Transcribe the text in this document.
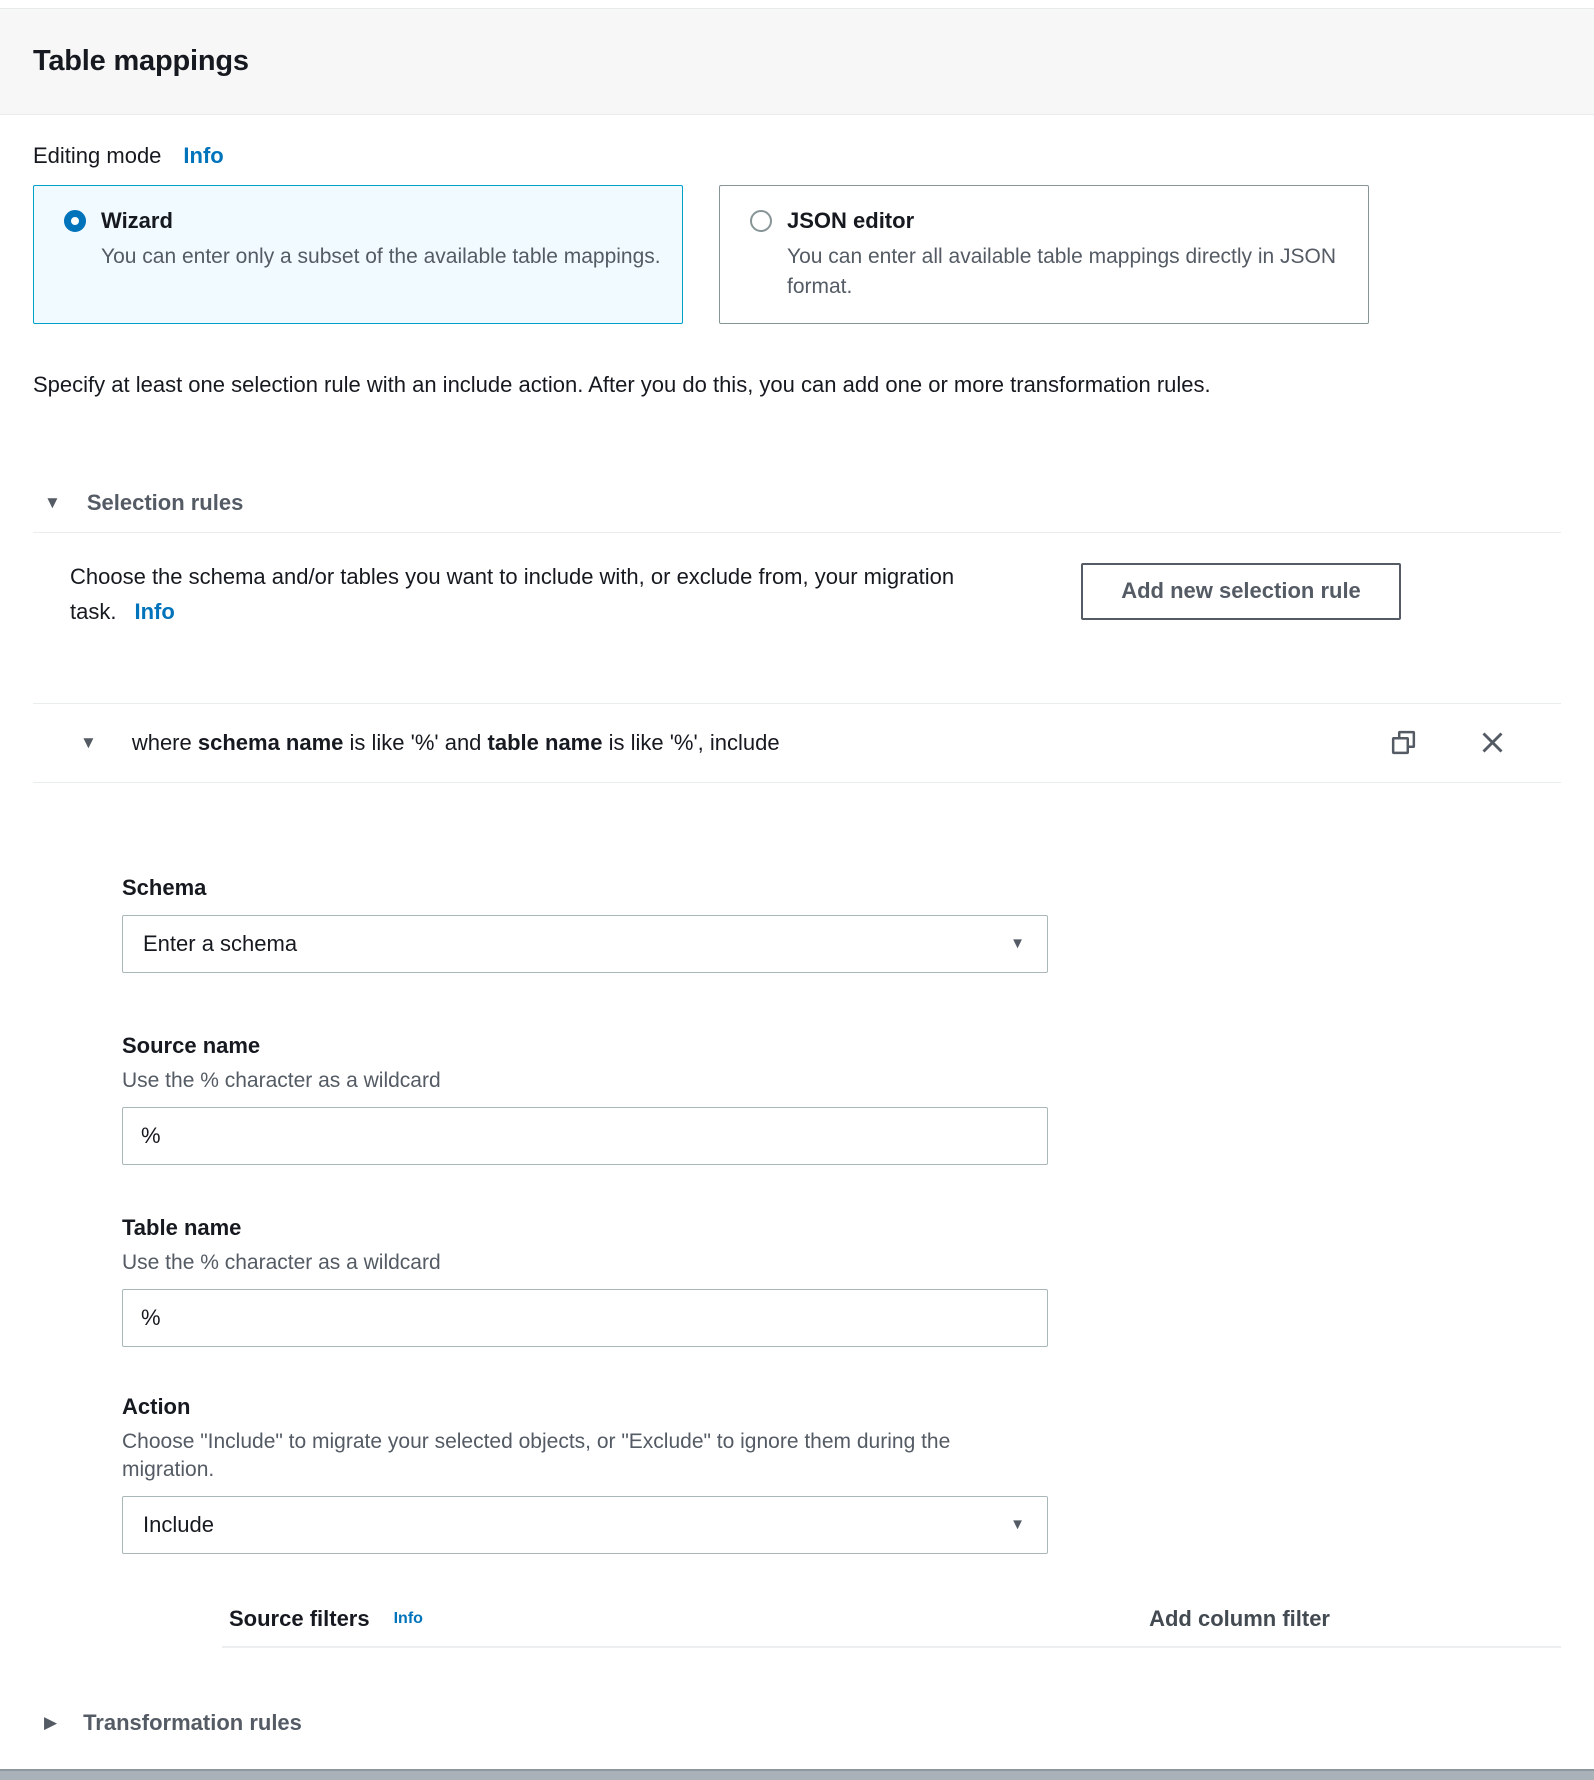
Table mappings
Editing mode Info
Wizard
You can enter only a subset of the available table mappings.
JSON editor
You can enter all available table mappings directly in JSON format.

Specify at least one selection rule with an include action. After you do this, you can add one or more transformation rules.

▼ Selection rules

Choose the schema and/or tables you want to include with, or exclude from, your migration task. Info

Add new selection rule
▼ where schema name is like '%' and table name is like '%', include
Schema
Enter a schema	▼
Source name
Use the % character as a wildcard
%
Table name
Use the % character as a wildcard
%
Action
Choose "Include" to migrate your selected objects, or "Exclude" to ignore them during the migration.
Include	▼
Source filters Info	Add column filter
▶ Transformation rules
